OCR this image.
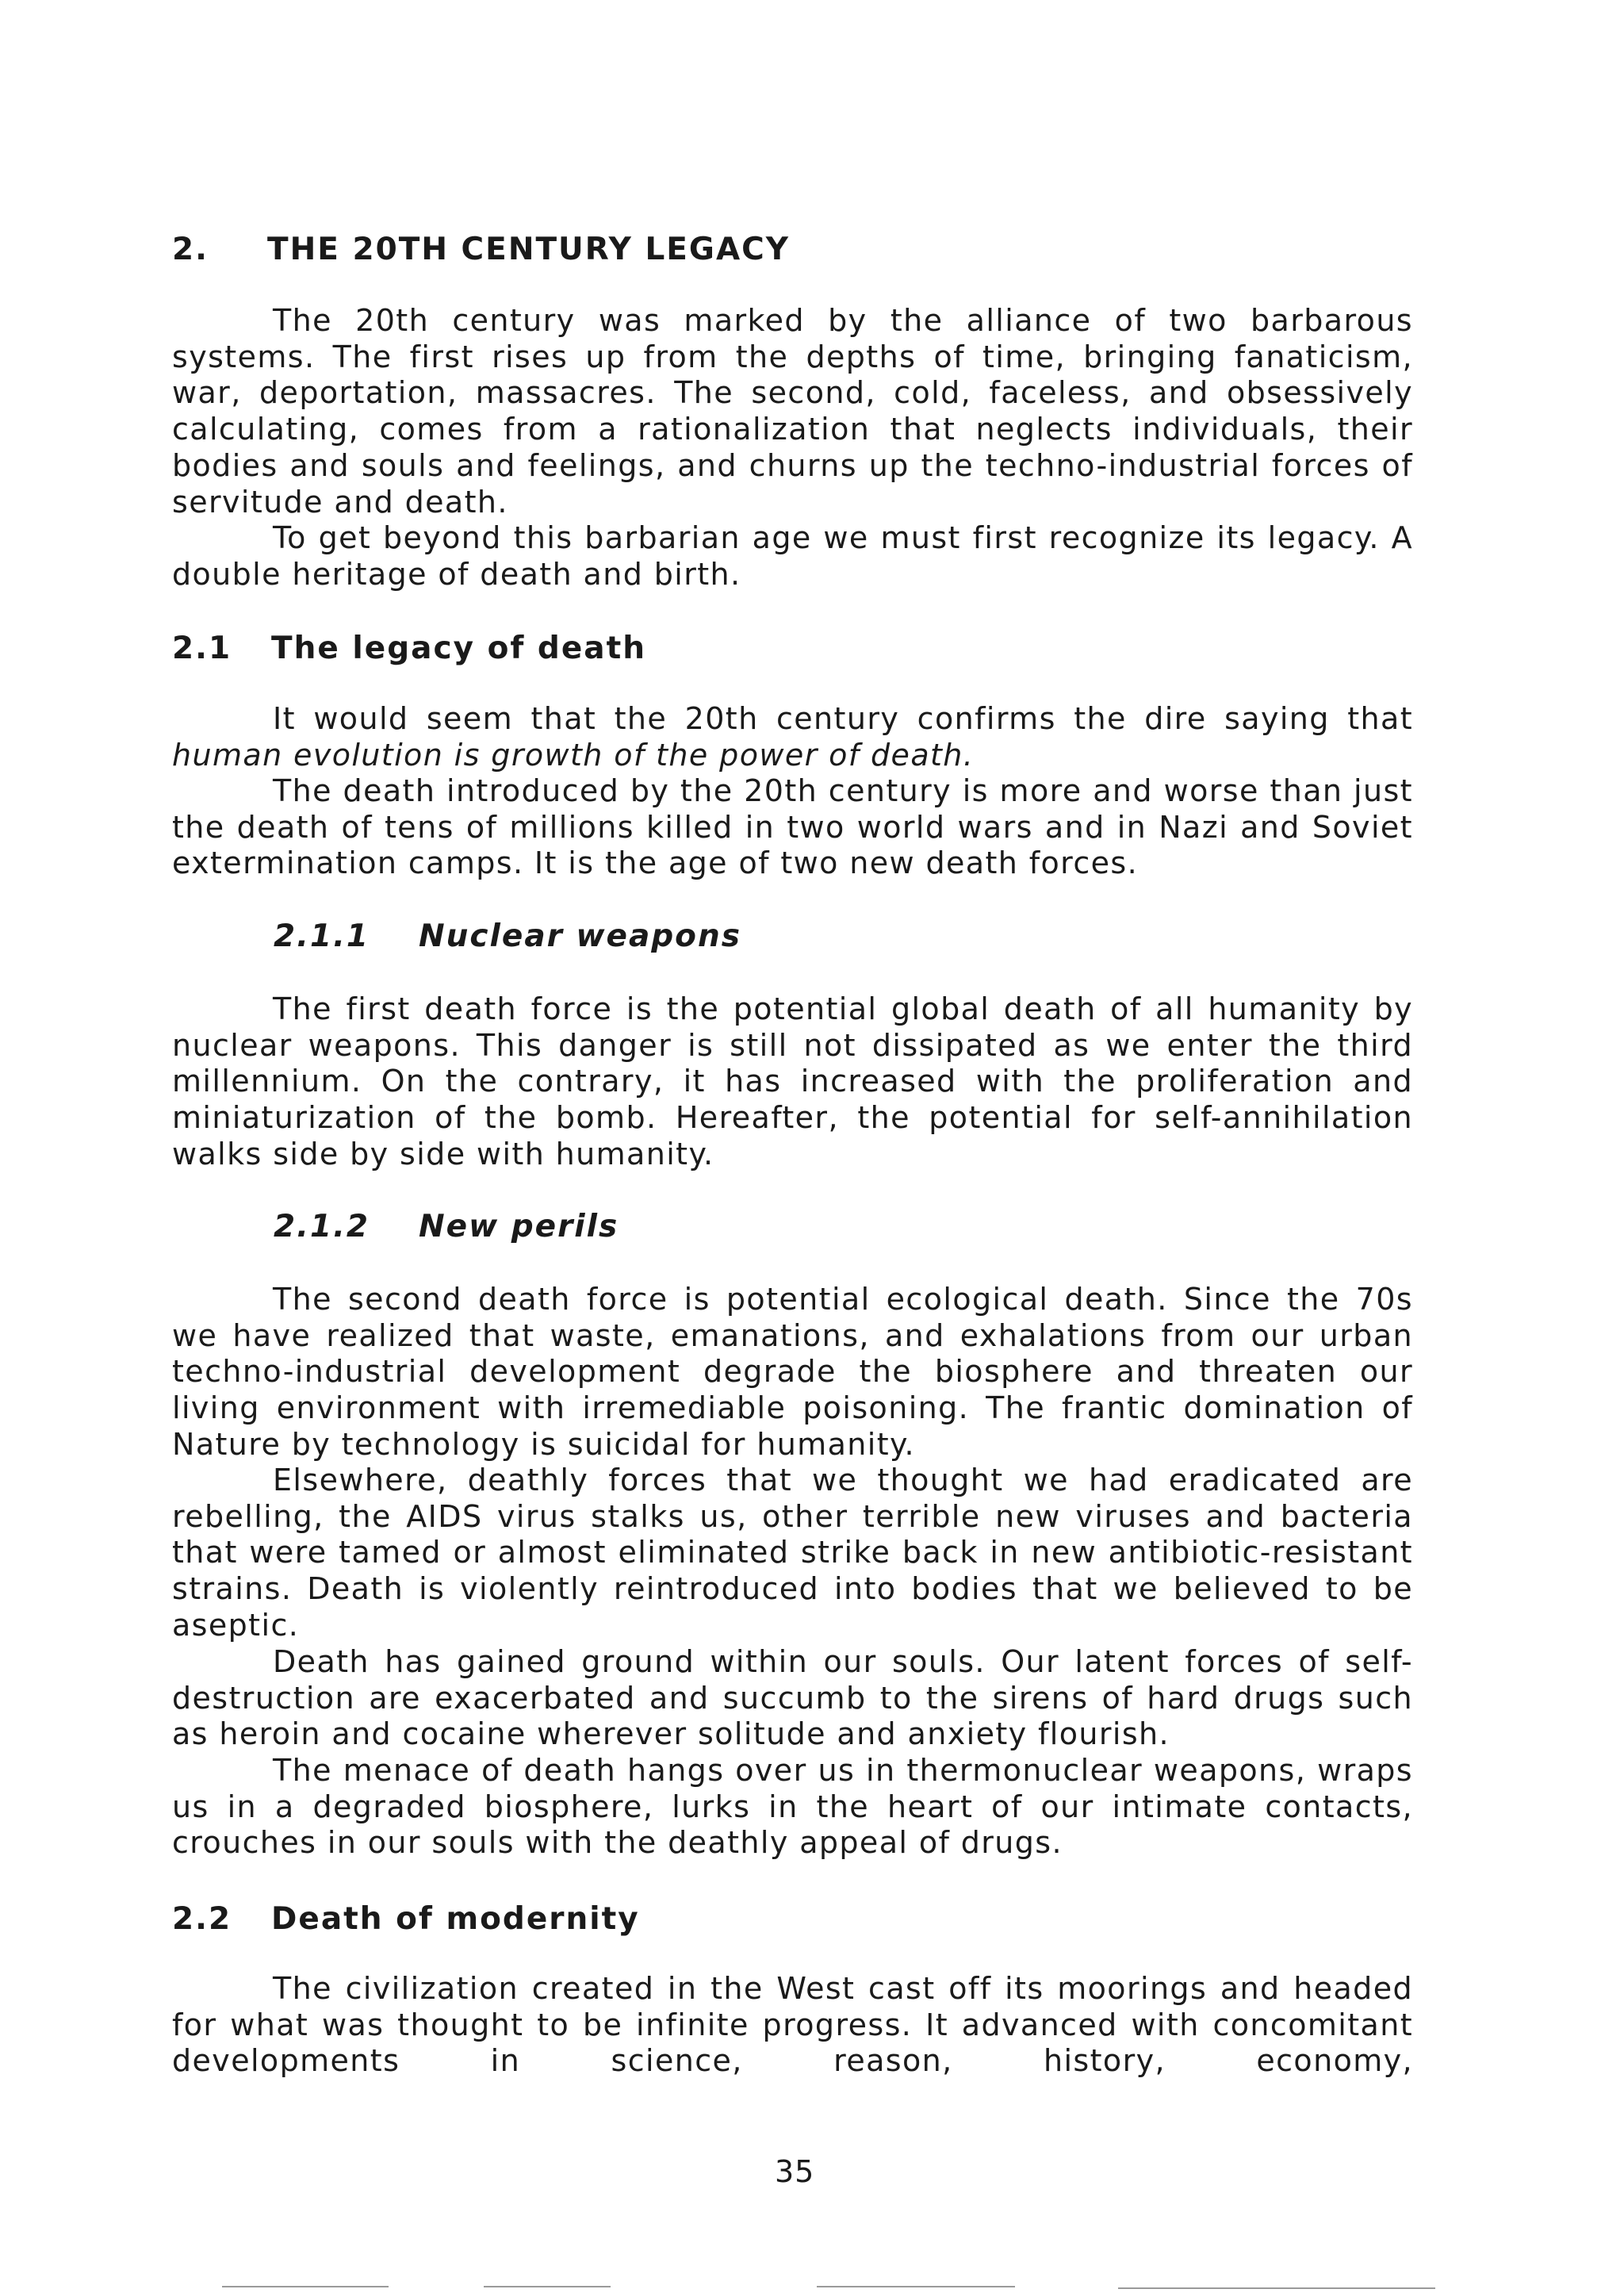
2. THE 20TH CENTURY LEGACY

The 20th century was marked by the alliance of two barbarous systems. The first rises up from the depths of time, bringing fanaticism, war, deportation, massacres. The second, cold, faceless, and obsessively calculating, comes from a rationalization that neglects individuals, their bodies and souls and feelings, and churns up the techno-industrial forces of servitude and death.

To get beyond this barbarian age we must first recognize its legacy. A double heritage of death and birth.

2.1 The legacy of death

It would seem that the 20th century confirms the dire saying that human evolution is growth of the power of death.

The death introduced by the 20th century is more and worse than just the death of tens of millions killed in two world wars and in Nazi and Soviet extermination camps. It is the age of two new death forces.

2.1.1 Nuclear weapons

The first death force is the potential global death of all humanity by nuclear weapons. This danger is still not dissipated as we enter the third millennium. On the contrary, it has increased with the proliferation and miniaturization of the bomb. Hereafter, the potential for self-annihilation walks side by side with humanity.

2.1.2 New perils

The second death force is potential ecological death. Since the 70s we have realized that waste, emanations, and exhalations from our urban techno-industrial development degrade the biosphere and threaten our living environment with irremediable poisoning. The frantic domination of Nature by technology is suicidal for humanity.

Elsewhere, deathly forces that we thought we had eradicated are rebelling, the AIDS virus stalks us, other terrible new viruses and bacteria that were tamed or almost eliminated strike back in new antibiotic-resistant strains. Death is violently reintroduced into bodies that we believed to be aseptic.

Death has gained ground within our souls. Our latent forces of self-destruction are exacerbated and succumb to the sirens of hard drugs such as heroin and cocaine wherever solitude and anxiety flourish.

The menace of death hangs over us in thermonuclear weapons, wraps us in a degraded biosphere, lurks in the heart of our intimate contacts, crouches in our souls with the deathly appeal of drugs.

2.2 Death of modernity

The civilization created in the West cast off its moorings and headed for what was thought to be infinite progress. It advanced with concomitant developments in science, reason, history, economy,

35
